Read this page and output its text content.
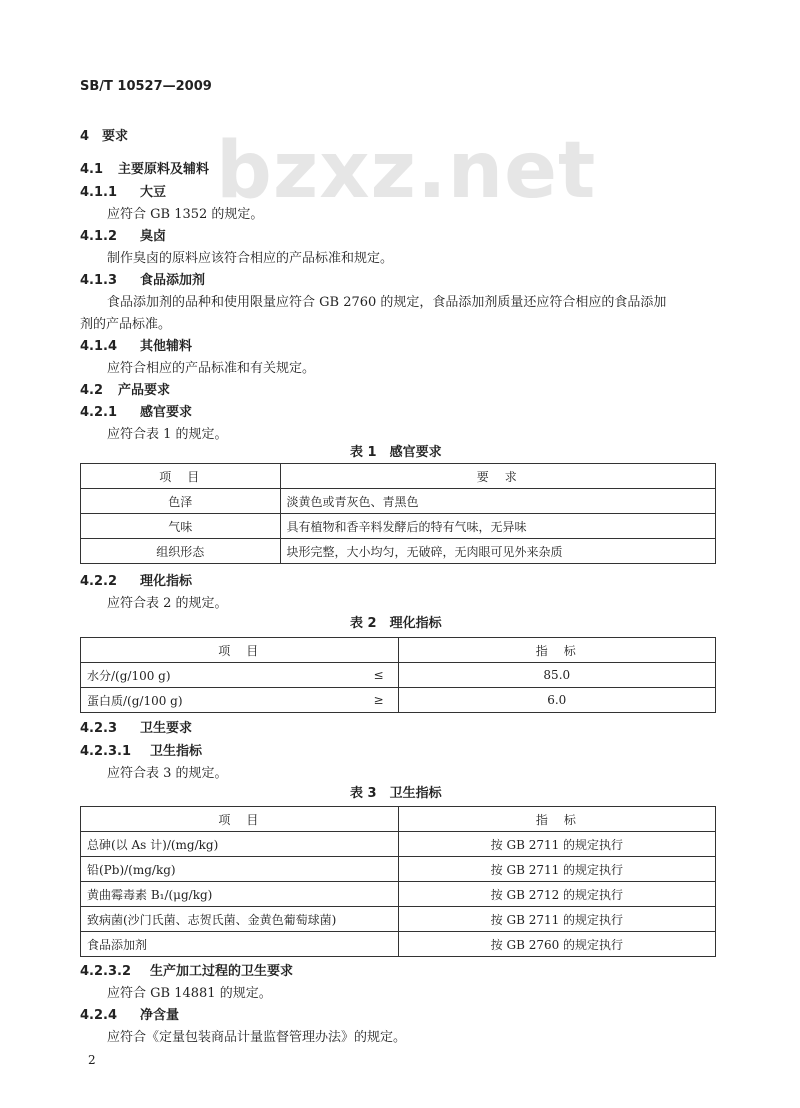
bzxz.net
SB/T 10527—2009
4 要求
4.1 主要原料及辅料
4.1.1 大豆
应符合 GB 1352 的规定。
4.1.2 臭卤
制作臭卤的原料应该符合相应的产品标准和规定。
4.1.3 食品添加剂
食品添加剂的品种和使用限量应符合 GB 2760 的规定，食品添加剂质量还应符合相应的食品添加
剂的产品标准。
4.1.4 其他辅料
应符合相应的产品标准和有关规定。
4.2 产品要求
4.2.1 感官要求
应符合表 1 的规定。
表 1　感官要求
项　目	要　求
色泽	淡黄色或青灰色、青黑色
气味	具有植物和香辛料发酵后的特有气味，无异味
组织形态	块形完整，大小均匀，无破碎，无肉眼可见外来杂质
4.2.2 理化指标
应符合表 2 的规定。
表 2　理化指标
项　目		指　标
水分/(g/100 g)	≤	85.0
蛋白质/(g/100 g)	≥	6.0
4.2.3 卫生要求
4.2.3.1 卫生指标
应符合表 3 的规定。
表 3　卫生指标
项　目	指　标
总砷(以 As 计)/(mg/kg)	按 GB 2711 的规定执行
铅(Pb)/(mg/kg)	按 GB 2711 的规定执行
黄曲霉毒素 B₁/(μg/kg)	按 GB 2712 的规定执行
致病菌(沙门氏菌、志贺氏菌、金黄色葡萄球菌)	按 GB 2711 的规定执行
食品添加剂	按 GB 2760 的规定执行
4.2.3.2 生产加工过程的卫生要求
应符合 GB 14881 的规定。
4.2.4 净含量
应符合《定量包装商品计量监督管理办法》的规定。
2
